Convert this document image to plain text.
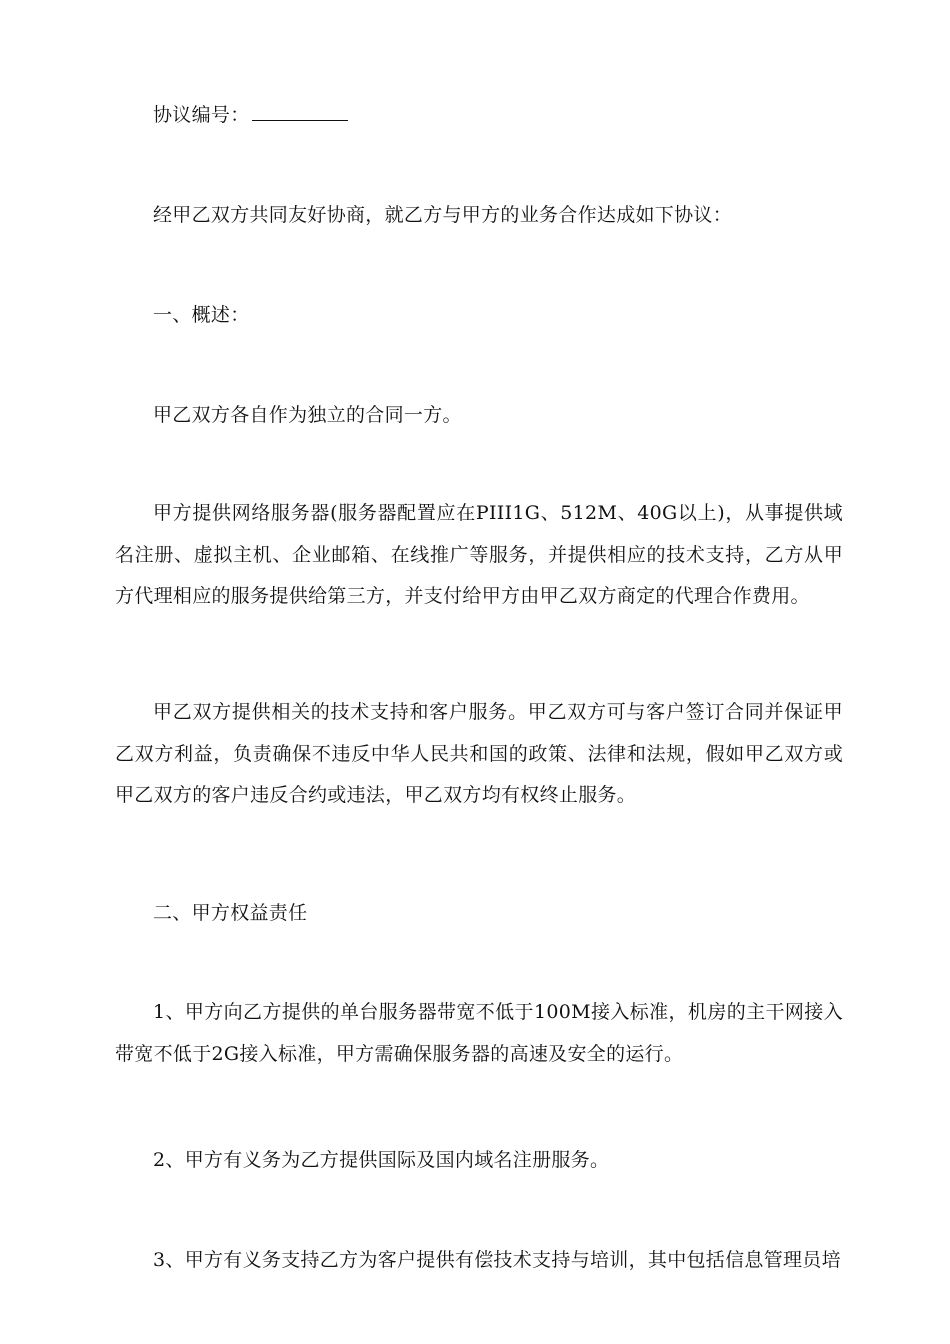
协议编号：

经甲乙双方共同友好协商，就乙方与甲方的业务合作达成如下协议：

一、概述：

甲乙双方各自作为独立的合同一方。

甲方提供网络服务器(服务器配置应在PIII1G、512M、40G以上)，从事提供域名注册、虚拟主机、企业邮箱、在线推广等服务，并提供相应的技术支持，乙方从甲方代理相应的服务提供给第三方，并支付给甲方由甲乙双方商定的代理合作费用。

甲乙双方提供相关的技术支持和客户服务。甲乙双方可与客户签订合同并保证甲乙双方利益，负责确保不违反中华人民共和国的政策、法律和法规，假如甲乙双方或甲乙双方的客户违反合约或违法，甲乙双方均有权终止服务。

二、甲方权益责任

1、甲方向乙方提供的单台服务器带宽不低于100M接入标准，机房的主干网接入带宽不低于2G接入标准，甲方需确保服务器的高速及安全的运行。

2、甲方有义务为乙方提供国际及国内域名注册服务。

3、甲方有义务支持乙方为客户提供有偿技术支持与培训，其中包括信息管理员培
